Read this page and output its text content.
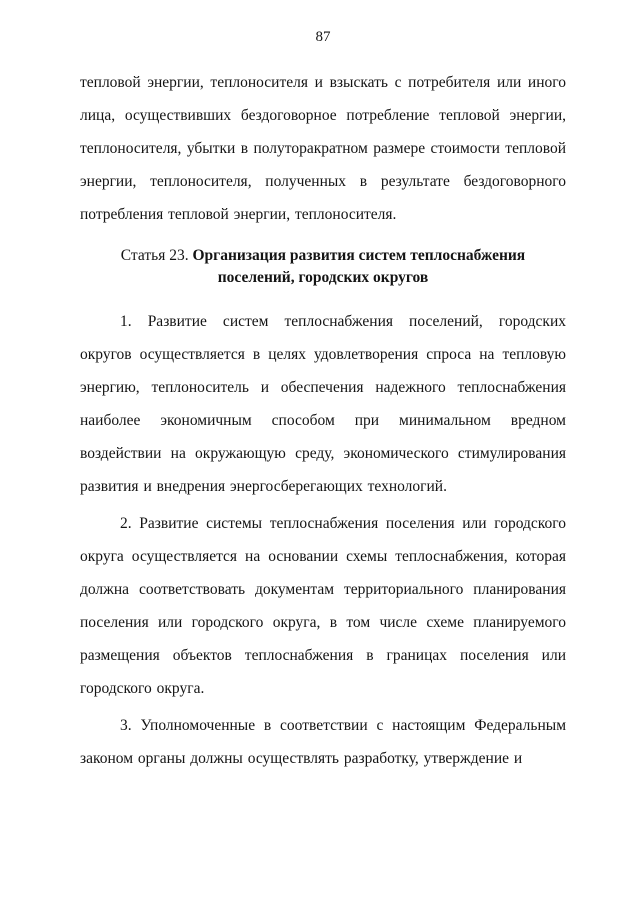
87

тепловой энергии, теплоносителя и взыскать с потребителя или иного лица, осуществивших бездоговорное потребление тепловой энергии, теплоносителя, убытки в полуторакратном размере стоимости тепловой энергии, теплоносителя, полученных в результате бездоговорного потребления тепловой энергии, теплоносителя.

Статья 23. Организация развития систем теплоснабжения поселений, городских округов

1. Развитие систем теплоснабжения поселений, городских округов осуществляется в целях удовлетворения спроса на тепловую энергию, теплоноситель и обеспечения надежного теплоснабжения наиболее экономичным способом при минимальном вредном воздействии на окружающую среду, экономического стимулирования развития и внедрения энергосберегающих технологий.

2. Развитие системы теплоснабжения поселения или городского округа осуществляется на основании схемы теплоснабжения, которая должна соответствовать документам территориального планирования поселения или городского округа, в том числе схеме планируемого размещения объектов теплоснабжения в границах поселения или городского округа.

3. Уполномоченные в соответствии с настоящим Федеральным законом органы должны осуществлять разработку, утверждение и
